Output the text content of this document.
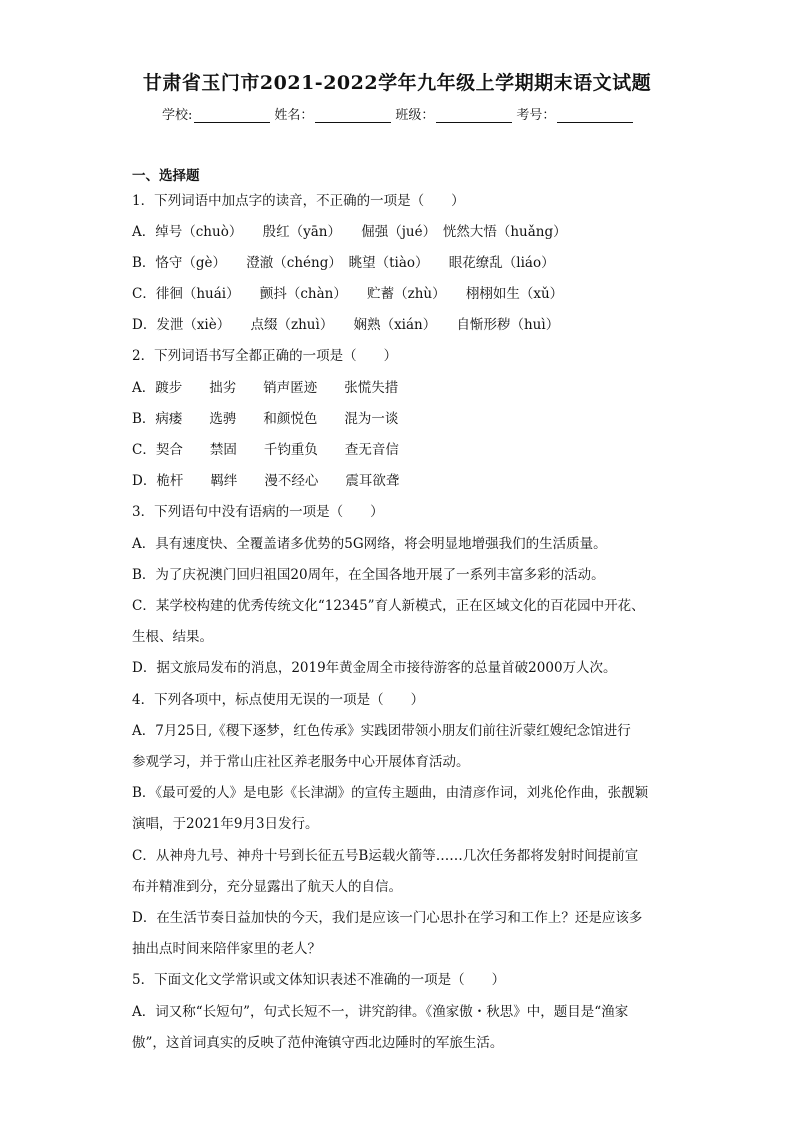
甘肃省玉门市2021-2022学年九年级上学期期末语文试题
学校:	姓名：	班级：	考号：
一、选择题
1．下列词语中加点字的读音，不正确的一项是（　　）
A．绰号（chuò）　　殷红（yān）　　倔强（jué）　恍然大悟（huǎng）
B．恪守（gè）　　澄澈（chéng）　眺望（tiào）　　眼花缭乱（liáo）
C．徘徊（huái）　　颤抖（chàn）　　贮蓄（zhù）　　栩栩如生（xǔ）
D．发泄（xiè）　　点缀（zhuì）　　娴熟（xián）　　自惭形秽（huì）
2．下列词语书写全都正确的一项是（　　）
A．踱步　　拙劣　　销声匿迹　　张慌失措
B．病瘘　　选骋　　和颜悦色　　混为一谈
C．契合　　禁固　　千钧重负　　查无音信
D．桅杆　　羁绊　　漫不经心　　震耳欲聋
3．下列语句中没有语病的一项是（　　）
A．具有速度快、全覆盖诸多优势的5G网络，将会明显地增强我们的生活质量。
B．为了庆祝澳门回归祖国20周年，在全国各地开展了一系列丰富多彩的活动。
C．某学校构建的优秀传统文化“12345”育人新模式，正在区域文化的百花园中开花、
生根、结果。
D．据文旅局发布的消息，2019年黄金周全市接待游客的总量首破2000万人次。
4．下列各项中，标点使用无误的一项是（　　）
A．7月25日,《稷下逐梦，红色传承》实践团带领小朋友们前往沂蒙红嫂纪念馆进行
参观学习，并于常山庄社区养老服务中心开展体育活动。
B．《最可爱的人》是电影《长津湖》的宣传主题曲，由清彦作词，刘兆伦作曲，张靓颖
演唱，于2021年9月3日发行。
C．从神舟九号、神舟十号到长征五号B运载火箭等……几次任务都将发射时间提前宣
布并精准到分，充分显露出了航天人的自信。
D．在生活节奏日益加快的今天，我们是应该一门心思扑在学习和工作上？还是应该多
抽出点时间来陪伴家里的老人？
5．下面文化文学常识或文体知识表述不准确的一项是（　　）
A．词又称“长短句”，句式长短不一，讲究韵律。《渔家傲・秋思》中，题目是“渔家
傲”，这首词真实的反映了范仲淹镇守西北边陲时的军旅生活。
